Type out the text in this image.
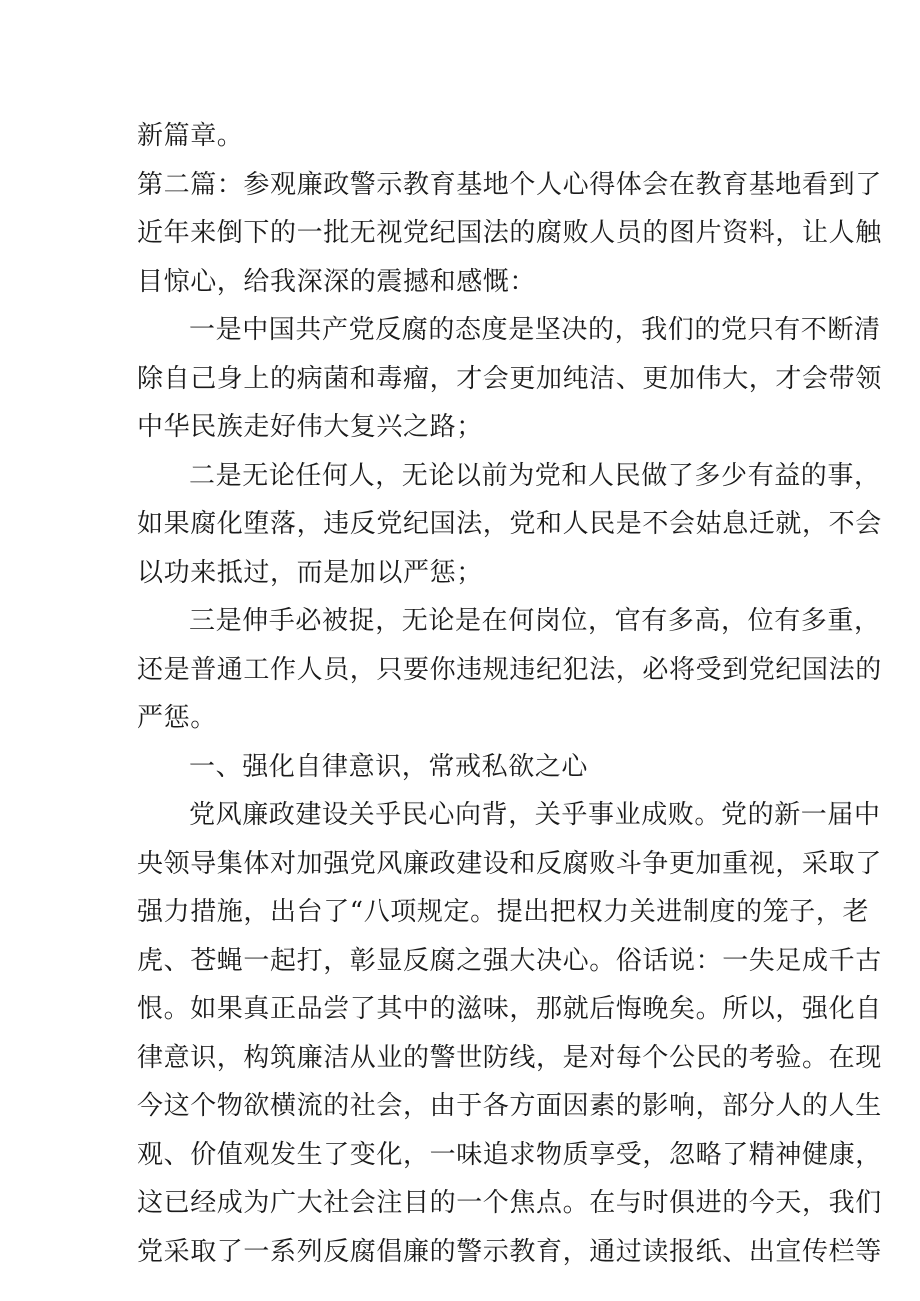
新篇章。
第二篇：参观廉政警示教育基地个人心得体会在教育基地看到了
近年来倒下的一批无视党纪国法的腐败人员的图片资料，让人触
目惊心，给我深深的震撼和感慨：
一是中国共产党反腐的态度是坚决的，我们的党只有不断清
除自己身上的病菌和毒瘤，才会更加纯洁、更加伟大，才会带领
中华民族走好伟大复兴之路；
二是无论任何人，无论以前为党和人民做了多少有益的事，
如果腐化堕落，违反党纪国法，党和人民是不会姑息迁就，不会
以功来抵过，而是加以严惩；
三是伸手必被捉，无论是在何岗位，官有多高，位有多重，
还是普通工作人员，只要你违规违纪犯法，必将受到党纪国法的
严惩。
一、强化自律意识，常戒私欲之心
党风廉政建设关乎民心向背，关乎事业成败。党的新一届中
央领导集体对加强党风廉政建设和反腐败斗争更加重视，采取了
强力措施，出台了“八项规定。提出把权力关进制度的笼子，老
虎、苍蝇一起打，彰显反腐之强大决心。俗话说：一失足成千古
恨。如果真正品尝了其中的滋味，那就后悔晚矣。所以，强化自
律意识，构筑廉洁从业的警世防线，是对每个公民的考验。在现
今这个物欲横流的社会，由于各方面因素的影响，部分人的人生
观、价值观发生了变化，一味追求物质享受，忽略了精神健康，
这已经成为广大社会注目的一个焦点。在与时俱进的今天，我们
党采取了一系列反腐倡廉的警示教育，通过读报纸、出宣传栏等
